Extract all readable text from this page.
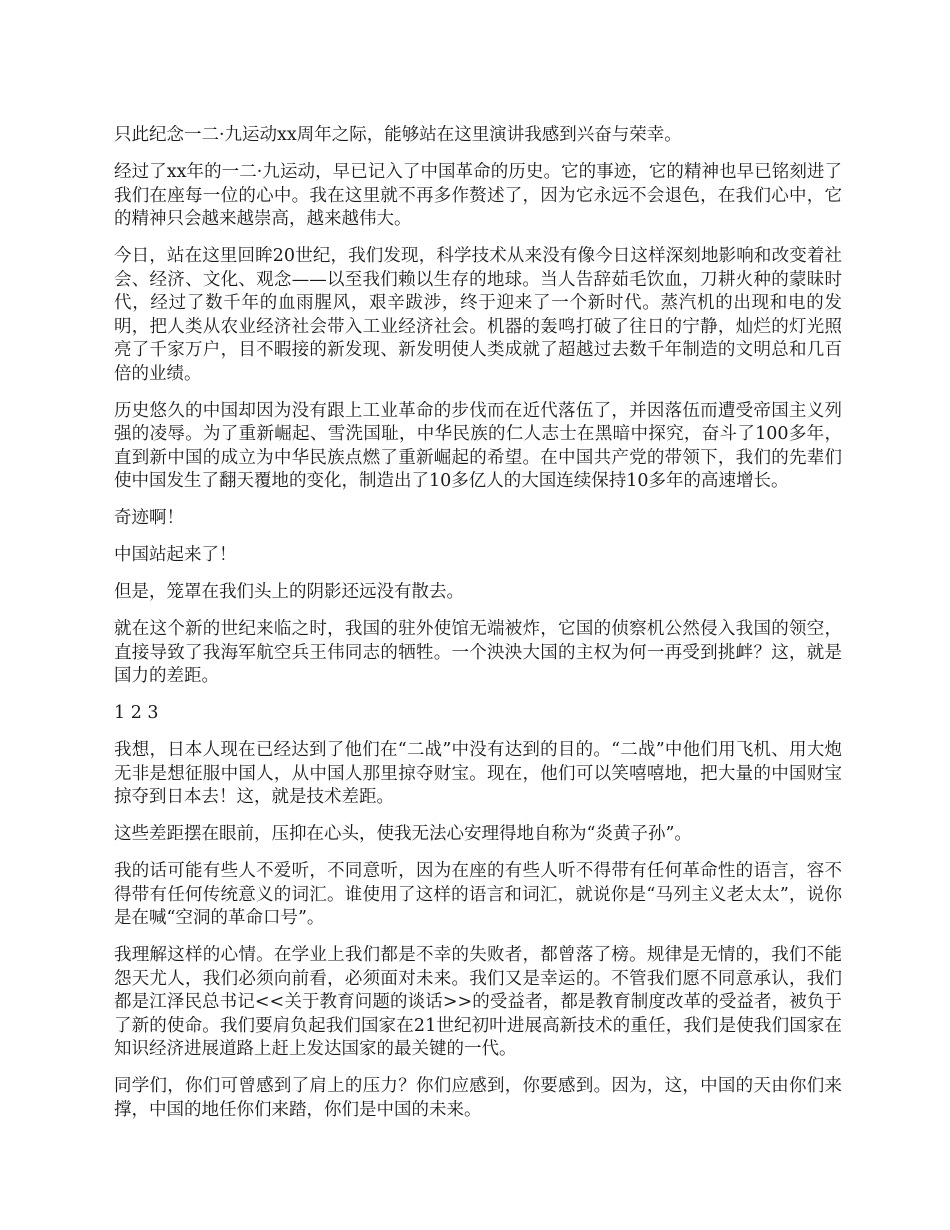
只此纪念一二·九运动xx周年之际，能够站在这里演讲我感到兴奋与荣幸。

经过了xx年的一二·九运动，早已记入了中国革命的历史。它的事迹，它的精神也早已铭刻进了我们在座每一位的心中。我在这里就不再多作赘述了，因为它永远不会退色，在我们心中，它的精神只会越来越崇高，越来越伟大。

今日，站在这里回眸20世纪，我们发现，科学技术从来没有像今日这样深刻地影响和改变着社会、经济、文化、观念——以至我们赖以生存的地球。当人告辞茹毛饮血，刀耕火种的蒙昧时代，经过了数千年的血雨腥风，艰辛跋涉，终于迎来了一个新时代。蒸汽机的出现和电的发明，把人类从农业经济社会带入工业经济社会。机器的轰鸣打破了往日的宁静，灿烂的灯光照亮了千家万户，目不暇接的新发现、新发明使人类成就了超越过去数千年制造的文明总和几百倍的业绩。

历史悠久的中国却因为没有跟上工业革命的步伐而在近代落伍了，并因落伍而遭受帝国主义列强的凌辱。为了重新崛起、雪洗国耻，中华民族的仁人志士在黑暗中探究，奋斗了100多年，直到新中国的成立为中华民族点燃了重新崛起的希望。在中国共产党的带领下，我们的先辈们使中国发生了翻天覆地的变化，制造出了10多亿人的大国连续保持10多年的高速增长。

奇迹啊！

中国站起来了！

但是，笼罩在我们头上的阴影还远没有散去。

就在这个新的世纪来临之时，我国的驻外使馆无端被炸，它国的侦察机公然侵入我国的领空，直接导致了我海军航空兵王伟同志的牺牲。一个泱泱大国的主权为何一再受到挑衅？这，就是国力的差距。

1 2 3

我想，日本人现在已经达到了他们在“二战”中没有达到的目的。“二战”中他们用飞机、用大炮无非是想征服中国人，从中国人那里掠夺财宝。现在，他们可以笑嘻嘻地，把大量的中国财宝掠夺到日本去！这，就是技术差距。

这些差距摆在眼前，压抑在心头，使我无法心安理得地自称为“炎黄子孙”。

我的话可能有些人不爱听，不同意听，因为在座的有些人听不得带有任何革命性的语言，容不得带有任何传统意义的词汇。谁使用了这样的语言和词汇，就说你是“马列主义老太太”，说你是在喊“空洞的革命口号”。

我理解这样的心情。在学业上我们都是不幸的失败者，都曾落了榜。规律是无情的，我们不能怨天尤人，我们必须向前看，必须面对未来。我们又是幸运的。不管我们愿不同意承认，我们都是江泽民总书记<<关于教育问题的谈话>>的受益者，都是教育制度改革的受益者，被负于了新的使命。我们要肩负起我们国家在21世纪初叶进展高新技术的重任，我们是使我们国家在知识经济进展道路上赶上发达国家的最关键的一代。

同学们，你们可曾感到了肩上的压力？你们应感到，你要感到。因为，这，中国的天由你们来撑，中国的地任你们来踏，你们是中国的未来。
